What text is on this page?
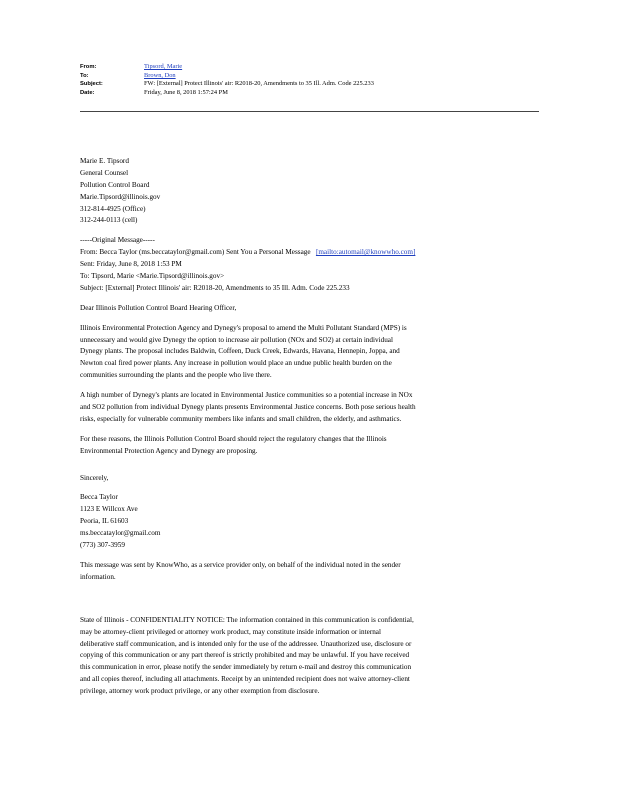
From:	Tipsord, Marie
To:	Brown, Don
Subject:	FW: [External] Protect Illinois' air: R2018-20, Amendments to 35 Ill. Adm. Code 225.233
Date:	Friday, June 8, 2018 1:57:24 PM
Marie E. Tipsord
General Counsel
Pollution Control Board
Marie.Tipsord@illinois.gov
312-814-4925 (Office)
312-244-0113 (cell)
-----Original Message-----
From: Becca Taylor (ms.beccataylor@gmail.com) Sent You a Personal Message [mailto:automail@knowwho.com]
Sent: Friday, June 8, 2018 1:53 PM
To: Tipsord, Marie <Marie.Tipsord@illinois.gov>
Subject: [External] Protect Illinois' air: R2018-20, Amendments to 35 Ill. Adm. Code 225.233
Dear Illinois Pollution Control Board Hearing Officer,
Illinois Environmental Protection Agency and Dynegy's proposal to amend the Multi Pollutant Standard (MPS) is
unnecessary and would give Dynegy the option to increase air pollution (NOx and SO2) at certain individual
Dynegy plants. The proposal includes Baldwin, Coffeen, Duck Creek, Edwards, Havana, Hennepin, Joppa, and
Newton coal fired power plants. Any increase in pollution would place an undue public health burden on the
communities surrounding the plants and the people who live there.
A high number of Dynegy's plants are located in Environmental Justice communities so a potential increase in NOx
and SO2 pollution from individual Dynegy plants presents Environmental Justice concerns. Both pose serious health
risks, especially for vulnerable community members like infants and small children, the elderly, and asthmatics.
For these reasons, the Illinois Pollution Control Board should reject the regulatory changes that the Illinois
Environmental Protection Agency and Dynegy are proposing.
Sincerely,
Becca Taylor
1123 E Willcox Ave
Peoria, IL 61603
ms.beccataylor@gmail.com
(773) 307-3959
This message was sent by KnowWho, as a service provider only, on behalf of the individual noted in the sender
information.
State of Illinois - CONFIDENTIALITY NOTICE: The information contained in this communication is confidential,
may be attorney-client privileged or attorney work product, may constitute inside information or internal
deliberative staff communication, and is intended only for the use of the addressee. Unauthorized use, disclosure or
copying of this communication or any part thereof is strictly prohibited and may be unlawful. If you have received
this communication in error, please notify the sender immediately by return e-mail and destroy this communication
and all copies thereof, including all attachments. Receipt by an unintended recipient does not waive attorney-client
privilege, attorney work product privilege, or any other exemption from disclosure.
